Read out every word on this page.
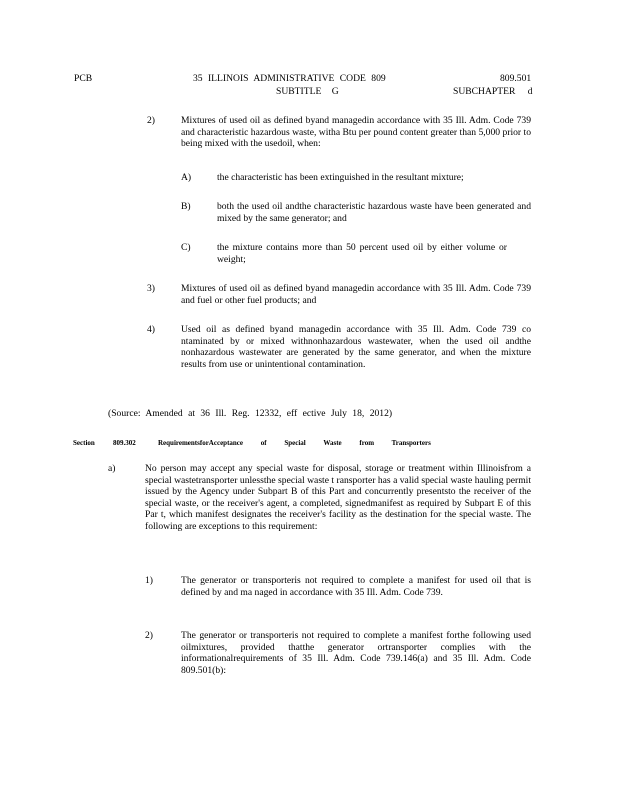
PCB	35 ILLINOIS ADMINISTRATIVE CODE 809	809.501
SUBTITLE G	SUBCHAPTER d
2)	Mixtures of used oil as defined byand managedin accordance with 35 Ill. Adm. Code 739 and characteristic hazardous waste, witha Btu per pound content greater than 5,000 prior to being mixed with the usedoil, when:
A)	the characteristic has been extinguished in the resultant mixture;
B)	both the used oil andthe characteristic hazardous waste have been generated and mixed by the same generator; and
C)	the mixture contains more than 50 percent used oil by either volume or weight;
3)	Mixtures of used oil as defined byand managedin accordance with 35 Ill. Adm. Code 739 and fuel or other fuel products; and
4)	Used oil as defined byand managedin accordance with 35 Ill. Adm. Code 739 co ntaminated by or mixed withnonhazardous wastewater, when the used oil andthe nonhazardous wastewater are generated by the same generator, and when the mixture results from use or unintentional contamination.
(Source: Amended at 36 Ill. Reg. 12332, eff ective July 18, 2012)
Section	809.302	RequirementsforAcceptance of Special Waste from Transporters
a)	No person may accept any special waste for disposal, storage or treatment within Illinoisfrom a special wastetransporter unlessthe special waste t ransporter has a valid special waste hauling permit issued by the Agency under Subpart B of this Part and concurrently presentsto the receiver of the special waste, or the receiver's agent, a completed, signedmanifest as required by Subpart E of this Par t, which manifest designates the receiver's facility as the destination for the special waste. The following are exceptions to this requirement:
1)	The generator or transporteris not required to complete a manifest for used oil that is defined by and ma naged in accordance with 35 Ill. Adm. Code 739.
2)	The generator or transporteris not required to complete a manifest forthe following used oilmixtures, provided thatthe generator ortransporter complies with the informationalrequirements of 35 Ill. Adm. Code 739.146(a) and 35 Ill. Adm. Code 809.501(b):
